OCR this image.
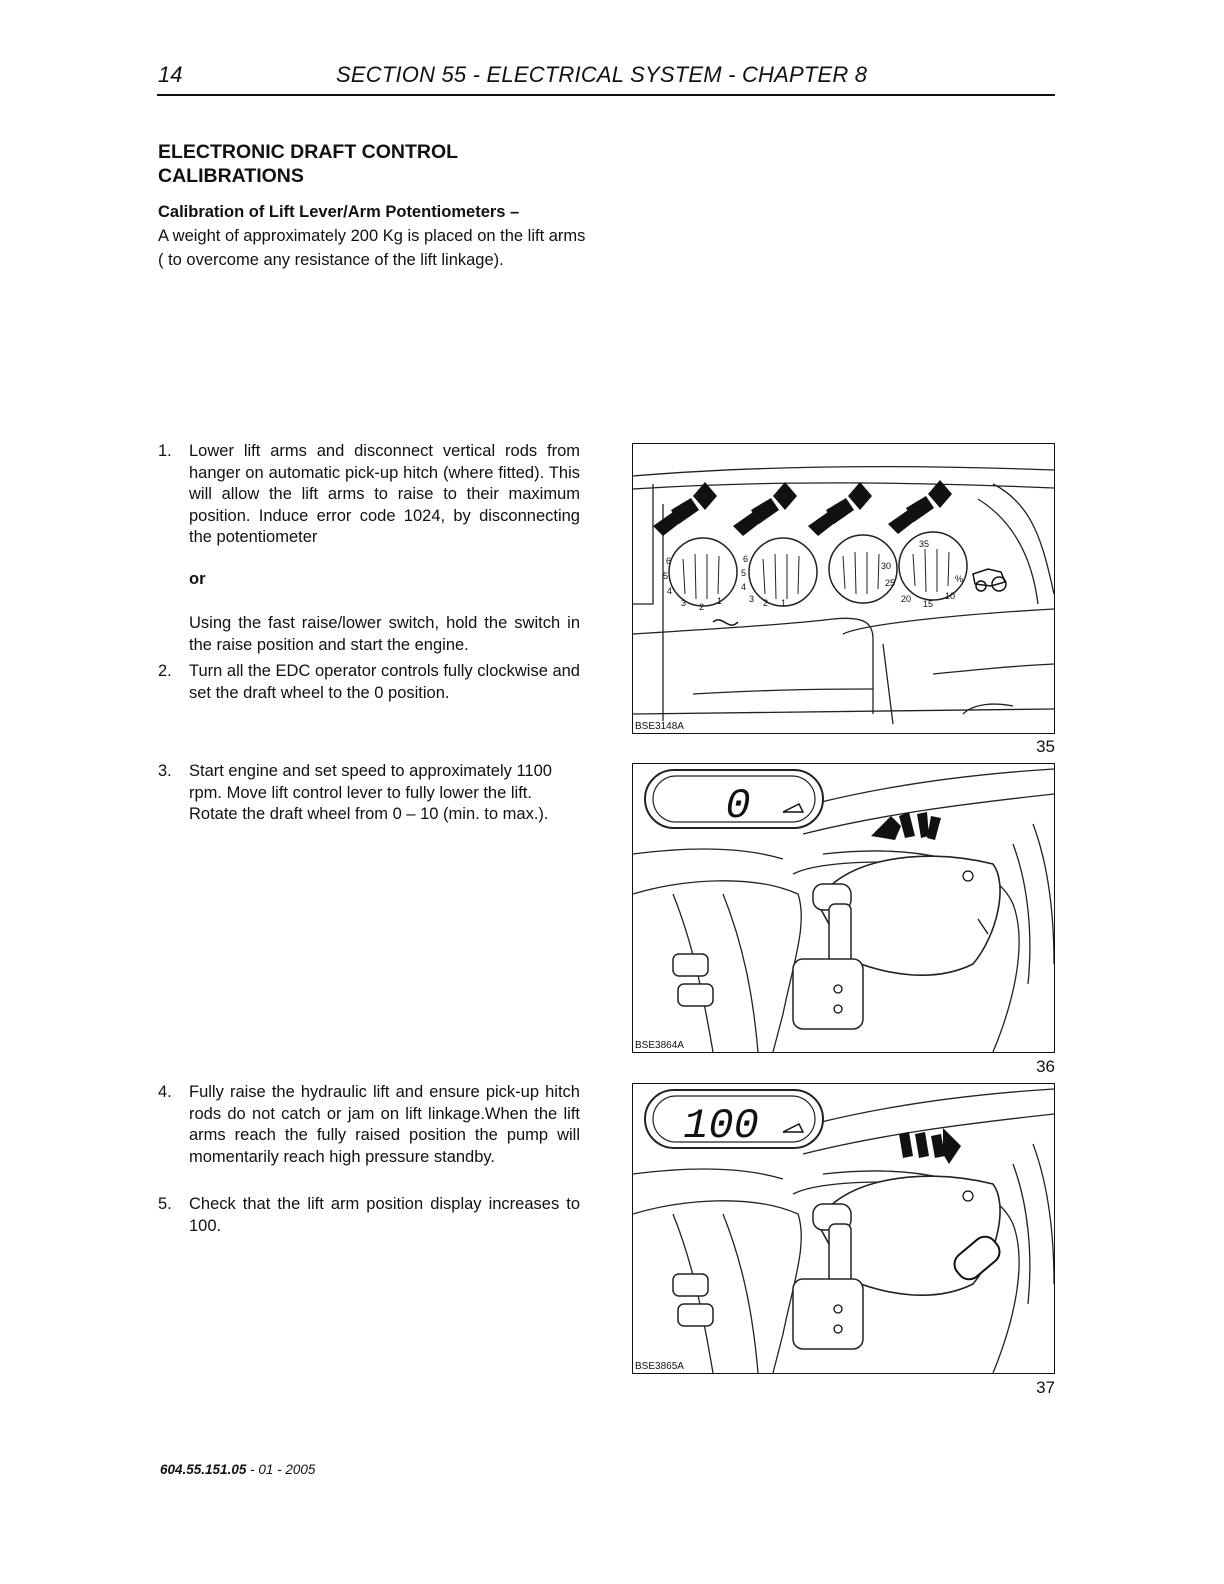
14	SECTION 55 - ELECTRICAL SYSTEM - CHAPTER 8
ELECTRONIC DRAFT CONTROL CALIBRATIONS
Calibration of Lift Lever/Arm Potentiometers –
A weight of approximately 200 Kg is placed on the lift arms ( to overcome any resistance of the lift linkage).
1. Lower lift arms and disconnect vertical rods from hanger on automatic pick-up hitch (where fitted). This will allow the lift arms to raise to their maximum position. Induce error code 1024, by disconnecting the potentiometer
or
Using the fast raise/lower switch, hold the switch in the raise position and start the engine.
2. Turn all the EDC operator controls fully clockwise and set the draft wheel to the 0 position.
3. Start engine and set speed to approximately 1100 rpm. Move lift control lever to fully lower the lift. Rotate the draft wheel from 0 – 10 (min. to max.).
4. Fully raise the hydraulic lift and ensure pick-up hitch rods do not catch or jam on lift linkage.When the lift arms reach the fully raised position the pump will momentarily reach high pressure standby.
5. Check that the lift arm position display increases to 100.
6
5
4
3 2
1
6
5
4
3 2 1
35
30
25
20 15
10
%
BSE3148A
35
0
BSE3864A
36
100
BSE3865A
37
604.55.151.05 - 01 - 2005
